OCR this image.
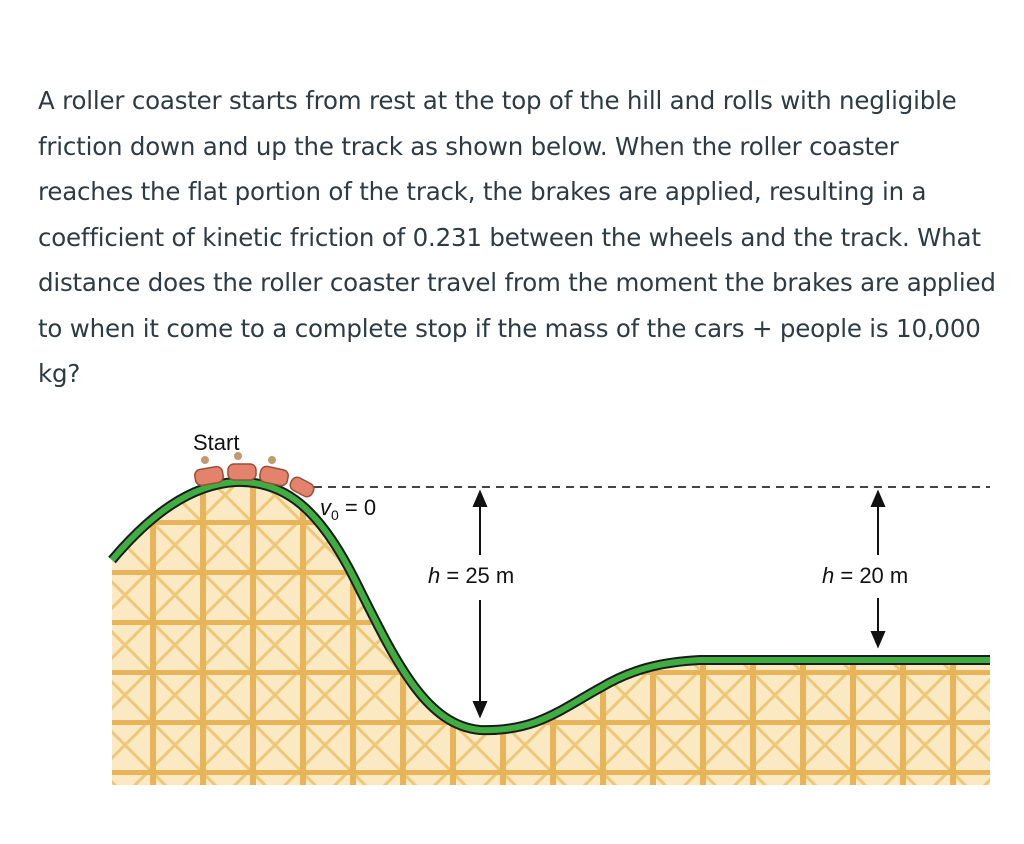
A roller coaster starts from rest at the top of the hill and rolls with negligible friction down and up the track as shown below. When the roller coaster reaches the flat portion of the track, the brakes are applied, resulting in a coefficient of kinetic friction of 0.231 between the wheels and the track. What distance does the roller coaster travel from the moment the brakes are applied to when it come to a complete stop if the mass of the cars + people is 10,000 kg?

Start
$v_0 = 0$
h = 25 m	h = 20 m
